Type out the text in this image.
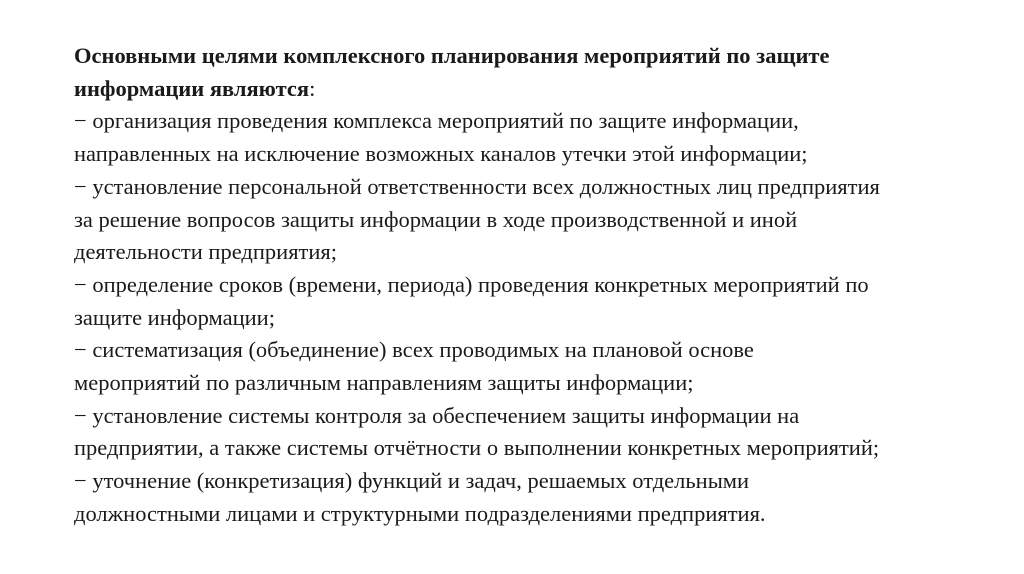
Основными целями комплексного планирования мероприятий по защите
информации являются:
− организация проведения комплекса мероприятий по защите информации,
направленных на исключение возможных каналов утечки этой информации;
− установление персональной ответственности всех должностных лиц предприятия
за решение вопросов защиты информации в ходе производственной и иной
деятельности предприятия;
− определение сроков (времени, периода) проведения конкретных мероприятий по
защите информации;
− систематизация (объединение) всех проводимых на плановой основе
мероприятий по различным направлениям защиты информации;
− установление системы контроля за обеспечением защиты информации на
предприятии, а также системы отчётности о выполнении конкретных мероприятий;
− уточнение (конкретизация) функций и задач, решаемых отдельными
должностными лицами и структурными подразделениями предприятия.
